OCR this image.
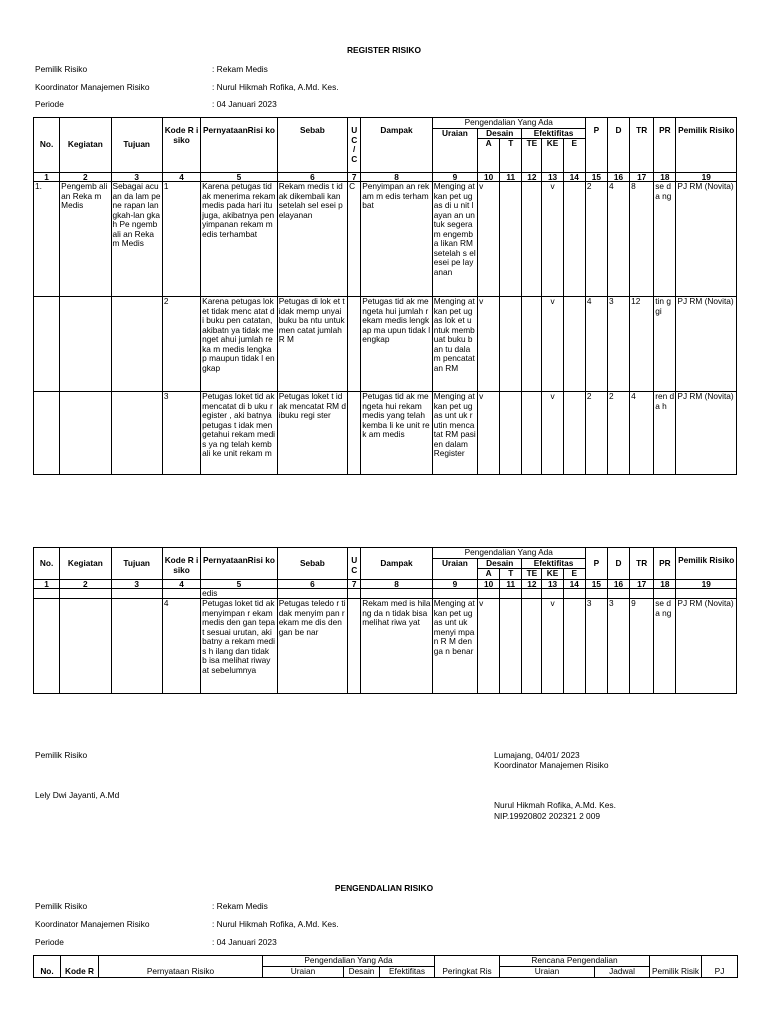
REGISTER RISIKO
Pemilik Risiko	: Rekam Medis
Koordinator Manajemen Risiko	: Nurul Hikmah Rofika, A.Md. Kes.
Periode	: 04 Januari 2023
No.	Kegiatan	Tujuan	Kode R isiko	PernyataanRisi ko	Sebab	U C / C	Dampak	Pengendalian Yang Ada						P	D	TR	PR	Pemilik Risiko
								Uraian	Desain		Efektifitas							
									A	T	TE	KE	E					
1	2	3	4	5	6	7	8	9	10	11	12	13	14	15	16	17	18	19
1.	Pengemb alian Reka m Medis	Sebagai acuan da lam pene rapan lan gkah-lan gkah Pe ngembali an Reka m Medis	1	Karena petugas tidak menerima rekam medis pada hari itu juga, akibatnya penyimpanan rekam medis terhambat	Rekam medis t idak dikembali kan setelah sel esei pelayanan	C	Penyimpan an rekam m edis terham bat	Menging atkan pet ugas di u nit layan an untuk segera m engemba likan RM setelah s elesei pe layanan	v			v		2	4	8	se da ng	PJ RM (Novita)
			2	Karena petugas loket tidak menc atat di buku pen catatan, akibatn ya tidak menget ahui jumlah reka m medis lengka p maupun tidak l engkap	Petugas di lok et tidak memp unyai buku ba ntu untuk men catat jumlah R M		Petugas tid ak mengeta hui jumlah r ekam medis lengkap ma upun tidak l engkap	Menging atkan pet ugas lok et untuk membuat buku ban tu dalam pencatat an RM	v			v		4	3	12	tin ggi	PJ RM (Novita)
			3	Petugas loket tid ak mencatat di b uku register , aki batnya petugas t idak mengetahui rekam medis ya ng telah kembali ke unit rekam m	Petugas loket t idak mencatat RM dibuku regi ster		Petugas tid ak mengeta hui rekam medis yang telah kemba li ke unit rek am medis	Menging atkan pet ugas unt uk rutin mencatat RM pasi en dalam Register	v			v		2	2	4	ren da h	PJ RM (Novita)
No.	Kegiatan	Tujuan	Kode R isiko	PernyataanRisi ko	Sebab	U C	Dampak	Pengendalian Yang Ada						P	D	TR	PR	Pemilik Risiko
								Uraian	Desain		Efektifitas							
									A	T	TE	KE	E					
1	2	3	4	5	6	7	8	9	10	11	12	13	14	15	16	17	18	19
				edis														
			4	Petugas loket tid ak menyimpan r ekam medis den gan tepat sesuai urutan, akibatny a rekam medis h ilang dan tidak b isa melihat riway at sebelumnya	Petugas teledo r tidak menyim pan rekam me dis dengan be nar		Rekam med is hilang da n tidak bisa melihat riwa yat	Menging atkan pet ugas unt uk menyi mpan R M denga n benar	v			v		3	3	9	se da ng	PJ RM (Novita)
Pemilik Risiko
Lely Dwi Jayanti, A.Md
Lumajang, 04/01/ 2023
Koordinator Manajemen Risiko
Nurul Hikmah Rofika, A.Md. Kes.
NIP.19920802 202321 2 009
PENGENDALIAN RISIKO
Pemilik Risiko	: Rekam Medis
Koordinator Manajemen Risiko	: Nurul Hikmah Rofika, A.Md. Kes.
Periode	: 04 Januari 2023
No.	Kode R	Pernyataan Risiko	Pengendalian Yang Ada			Peringkat Ris	Rencana Pengendalian		Pemilik Risik	PJ
			Uraian	Desain	Efektifitas		Uraian	Jadwal		
